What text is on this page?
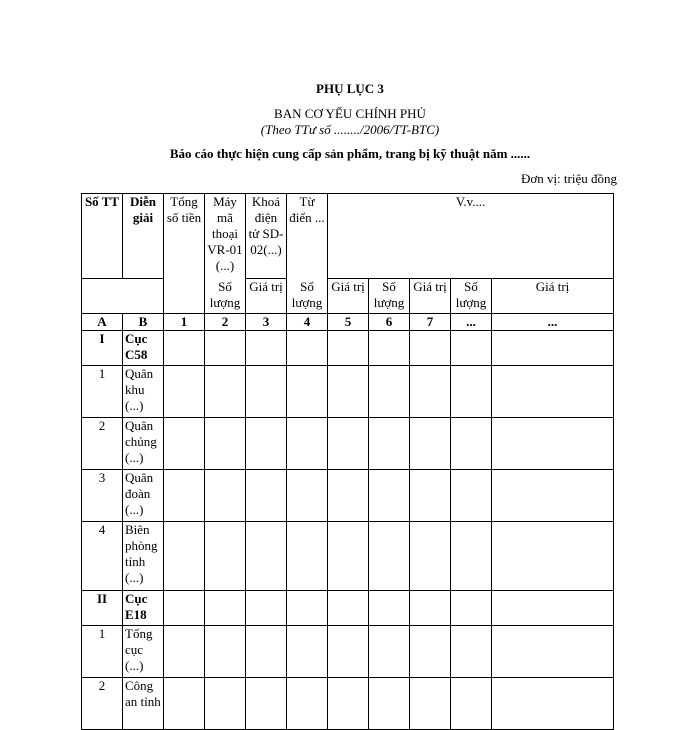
PHỤ LỤC 3
BAN CƠ YẾU CHÍNH PHỦ
(Theo TTư số ......../2006/TT-BTC)
Báo cáo thực hiện cung cấp sản phẩm, trang bị kỹ thuật năm ......
Đơn vị: triệu đồng
Số TT	Diễn giải	Tổng số tiền	Máy mã thoại VR-01 (...)	Khoá điện tử SD-02(...)	Từ điển ...	V.v....				
			Số lượng	Giá trị	Số lượng	Giá trị	Số lượng	Giá trị	Số lượng	Giá trị
A	B	1	2	3	4	5	6	7	...	...
I	Cục C58									
1	Quân khu (...)									
2	Quân chủng (...)									
3	Quân đoàn (...)									
4	Biên phòng tỉnh (...)									
II	Cục E18									
1	Tổng cục (...)									
2	Công an tỉnh									
